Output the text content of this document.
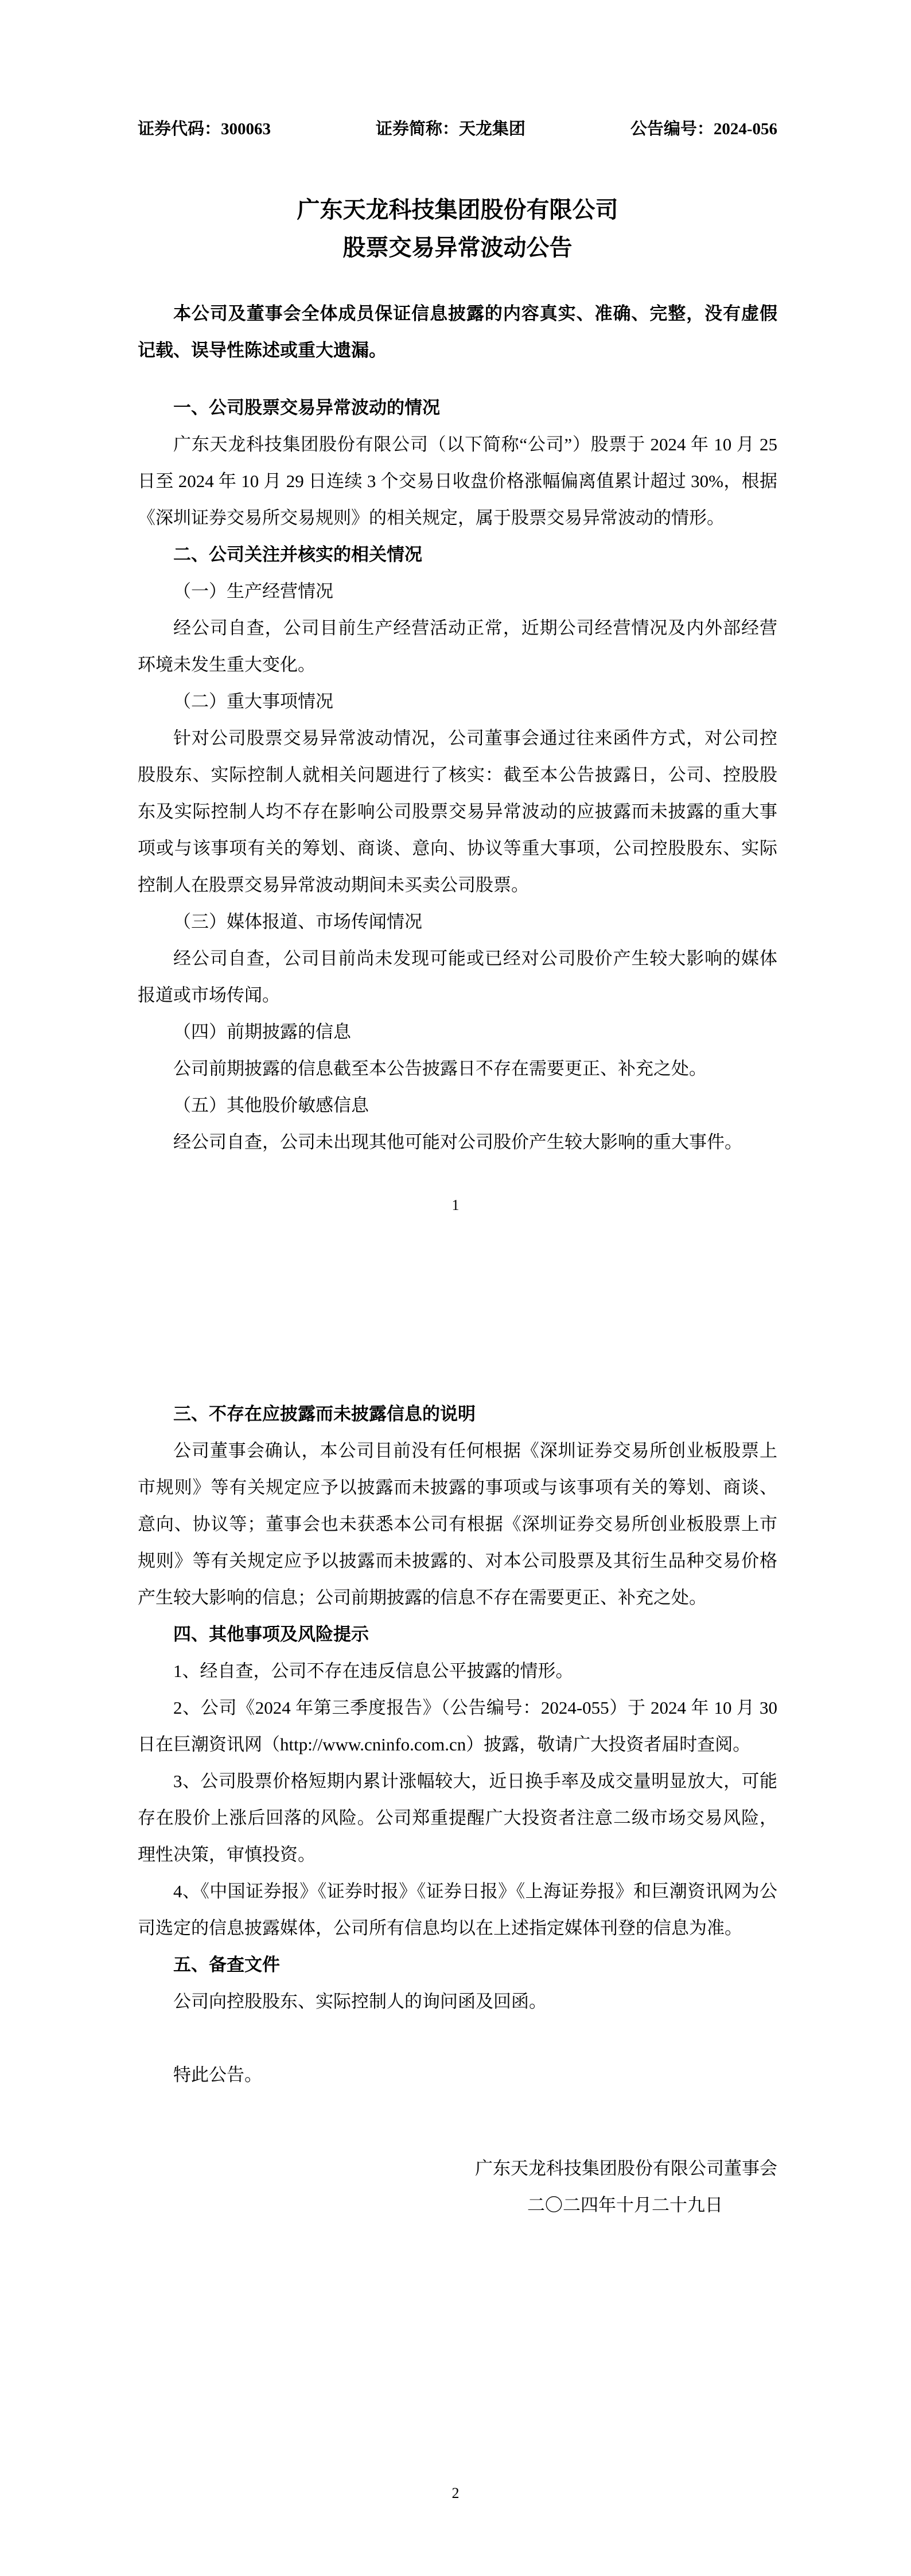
证券代码：300063	证券简称：天龙集团	公告编号：2024-056
广东天龙科技集团股份有限公司
股票交易异常波动公告

本公司及董事会全体成员保证信息披露的内容真实、准确、完整，没有虚假记载、误导性陈述或重大遗漏。

一、公司股票交易异常波动的情况

广东天龙科技集团股份有限公司（以下简称“公司”）股票于 2024 年 10 月 25 日至 2024 年 10 月 29 日连续 3 个交易日收盘价格涨幅偏离值累计超过 30%，根据《深圳证券交易所交易规则》的相关规定，属于股票交易异常波动的情形。

二、公司关注并核实的相关情况

（一）生产经营情况

经公司自查，公司目前生产经营活动正常，近期公司经营情况及内外部经营环境未发生重大变化。

（二）重大事项情况

针对公司股票交易异常波动情况，公司董事会通过往来函件方式，对公司控股股东、实际控制人就相关问题进行了核实：截至本公告披露日，公司、控股股东及实际控制人均不存在影响公司股票交易异常波动的应披露而未披露的重大事项或与该事项有关的筹划、商谈、意向、协议等重大事项，公司控股股东、实际控制人在股票交易异常波动期间未买卖公司股票。

（三）媒体报道、市场传闻情况

经公司自查，公司目前尚未发现可能或已经对公司股价产生较大影响的媒体报道或市场传闻。

（四）前期披露的信息

公司前期披露的信息截至本公告披露日不存在需要更正、补充之处。

（五）其他股价敏感信息

经公司自查，公司未出现其他可能对公司股价产生较大影响的重大事件。

1

三、不存在应披露而未披露信息的说明

公司董事会确认，本公司目前没有任何根据《深圳证券交易所创业板股票上市规则》等有关规定应予以披露而未披露的事项或与该事项有关的筹划、商谈、意向、协议等；董事会也未获悉本公司有根据《深圳证券交易所创业板股票上市规则》等有关规定应予以披露而未披露的、对本公司股票及其衍生品种交易价格产生较大影响的信息；公司前期披露的信息不存在需要更正、补充之处。

四、其他事项及风险提示

1、经自查，公司不存在违反信息公平披露的情形。

2、公司《2024 年第三季度报告》（公告编号：2024-055）于 2024 年 10 月 30 日在巨潮资讯网（http://www.cninfo.com.cn）披露，敬请广大投资者届时查阅。

3、公司股票价格短期内累计涨幅较大，近日换手率及成交量明显放大，可能存在股价上涨后回落的风险。公司郑重提醒广大投资者注意二级市场交易风险，理性决策，审慎投资。

4、《中国证券报》《证券时报》《证券日报》《上海证券报》和巨潮资讯网为公司选定的信息披露媒体，公司所有信息均以在上述指定媒体刊登的信息为准。

五、备查文件

公司向控股股东、实际控制人的询问函及回函。

特此公告。

广东天龙科技集团股份有限公司董事会
二〇二四年十月二十九日
2
